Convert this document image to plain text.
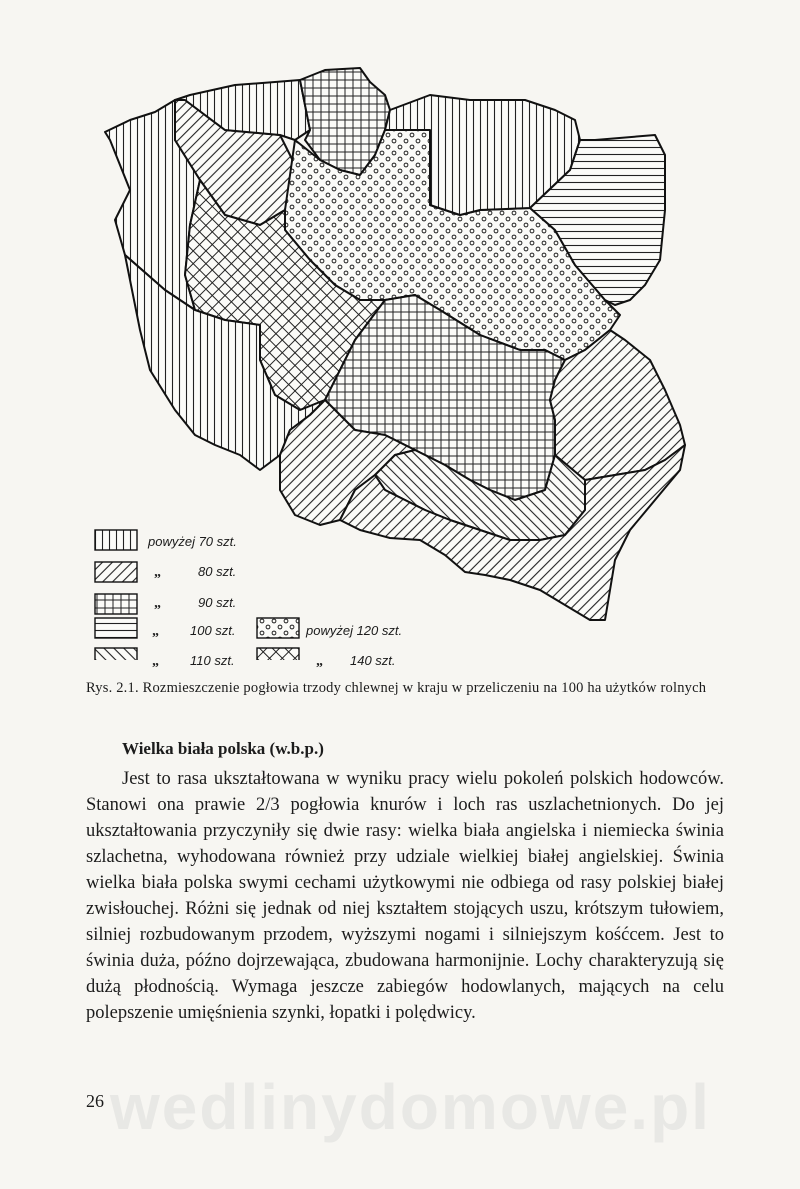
powyżej 70 szt.
„	80 szt.
„	90 szt.
„ 100 szt.
„ 110 szt.
powyżej 120 szt.
„ 140 szt.
Rys. 2.1. Rozmieszczenie pogłowia trzody chlewnej w kraju w przeliczeniu na 100 ha użytków rolnych
Wielka biała polska (w.b.p.)

Jest to rasa ukształtowana w wyniku pracy wielu pokoleń polskich hodowców. Stanowi ona prawie 2/3 pogłowia knurów i loch ras uszlachetnionych. Do jej ukształtowania przyczyniły się dwie rasy: wielka biała angielska i niemiecka świnia szlachetna, wyhodowana również przy udziale wielkiej białej angielskiej. Świnia wielka biała polska swymi cechami użytkowymi nie odbiega od rasy polskiej białej zwisłouchej. Różni się jednak od niej kształtem stojących uszu, krótszym tułowiem, silniej rozbudowanym przodem, wyższymi nogami i silniejszym kośćcem. Jest to świnia duża, późno dojrzewająca, zbudowana harmonijnie. Lochy charakteryzują się dużą płodnością. Wymaga jeszcze zabiegów hodowlanych, mających na celu polepszenie umięśnienia szynki, łopatki i polędwicy.

26 wedlinydomowe.pl
